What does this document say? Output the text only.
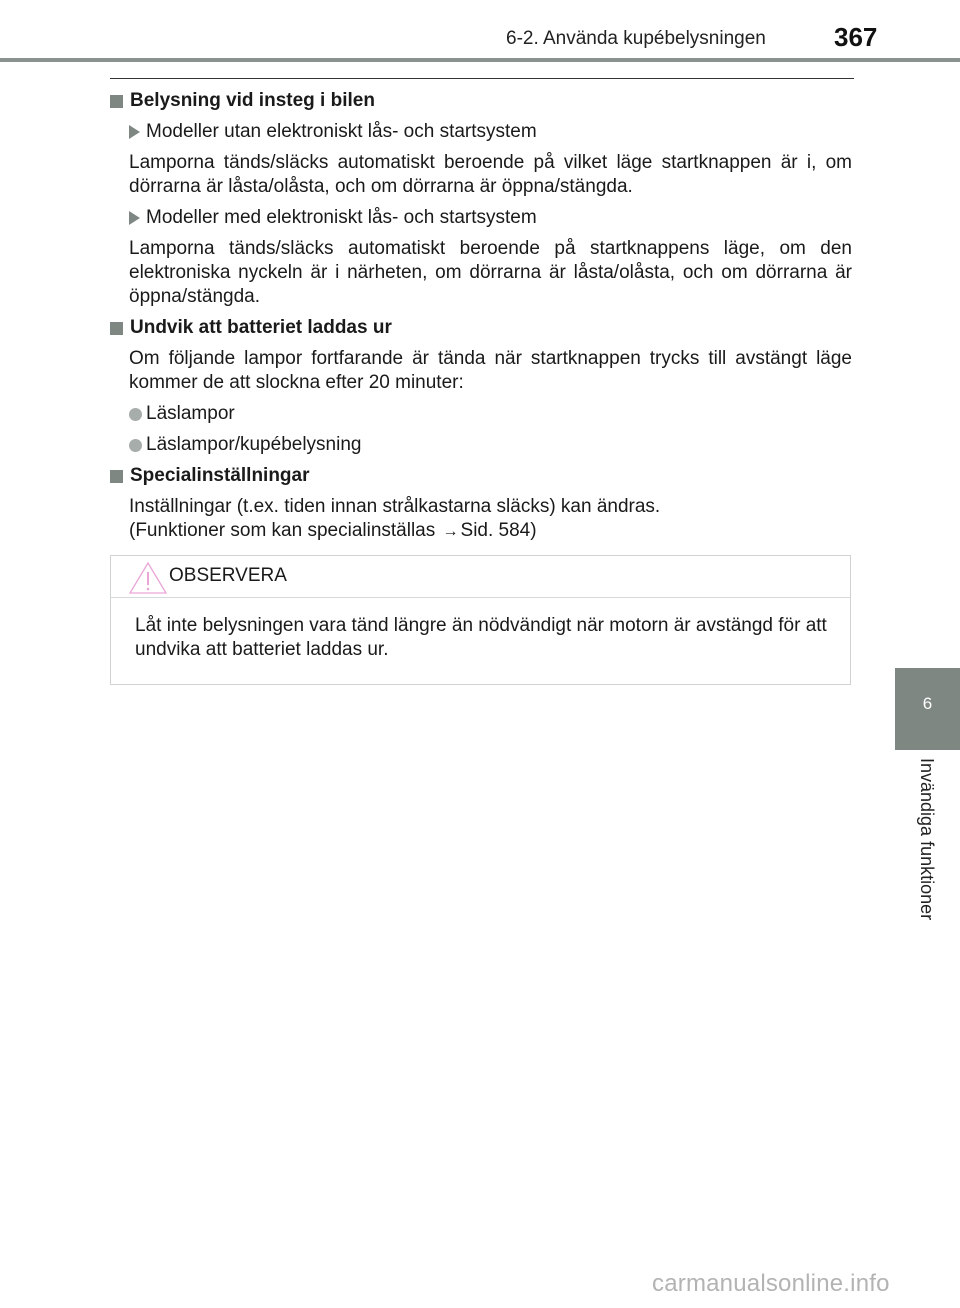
6-2. Använda kupébelysningen	367
Belysning vid insteg i bilen
Modeller utan elektroniskt lås- och startsystem
Lamporna tänds/släcks automatiskt beroende på vilket läge startknappen är i, om dörrarna är låsta/olåsta, och om dörrarna är öppna/stängda.
Modeller med elektroniskt lås- och startsystem
Lamporna tänds/släcks automatiskt beroende på startknappens läge, om den elektroniska nyckeln är i närheten, om dörrarna är låsta/olåsta, och om dörrarna är öppna/stängda.
Undvik att batteriet laddas ur
Om följande lampor fortfarande är tända när startknappen trycks till avstängt läge kommer de att slockna efter 20 minuter:
Läslampor
Läslampor/kupébelysning
Specialinställningar
Inställningar (t.ex. tiden innan strålkastarna släcks) kan ändras.
(Funktioner som kan specialinställas → Sid. 584)
OBSERVERA
Låt inte belysningen vara tänd längre än nödvändigt när motorn är avstängd för att undvika att batteriet laddas ur.
6
Invändiga funktioner
carmanualsonline.info
